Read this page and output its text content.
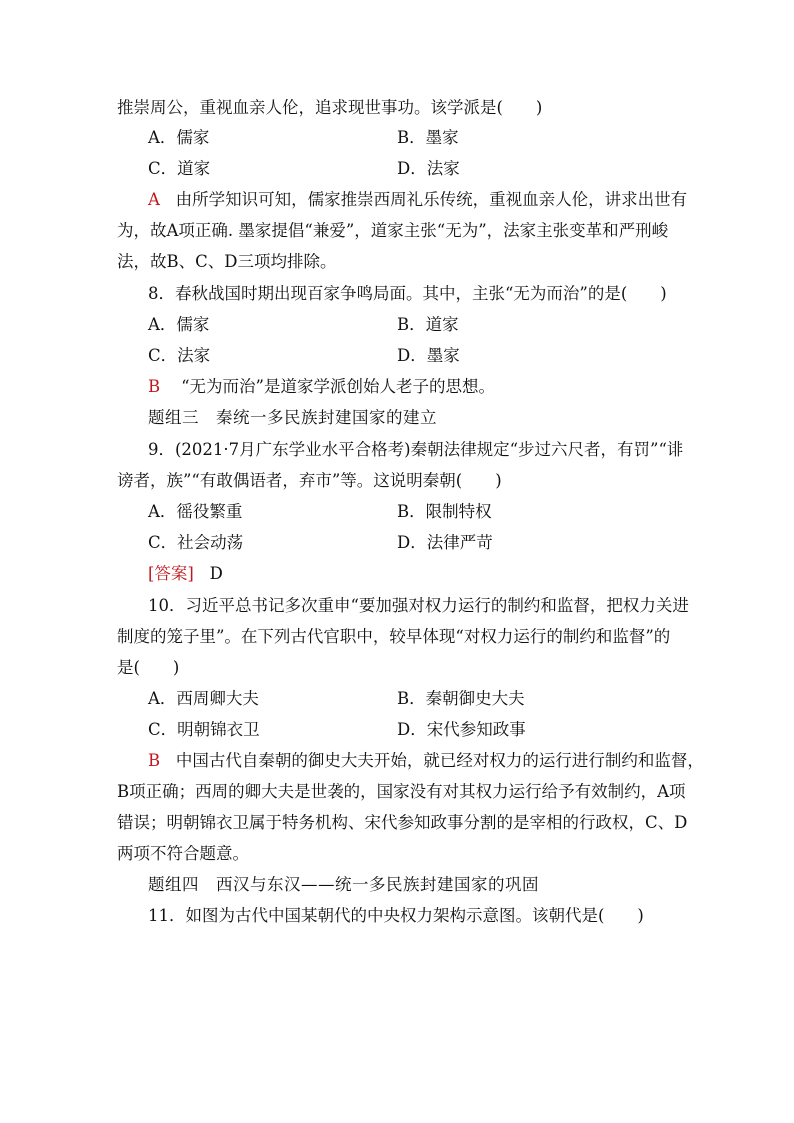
推崇周公，重视血亲人伦，追求现世事功。该学派是(　　)
A．儒家	B．墨家
C．道家	D．法家
A 由所学知识可知，儒家推崇西周礼乐传统，重视血亲人伦，讲求出世有
为，故A项正确. 墨家提倡“兼爱”，道家主张“无为”，法家主张变革和严刑峻
法，故B、C、D三项均排除。
8．春秋战国时期出现百家争鸣局面。其中，主张“无为而治”的是(　　)
A．儒家	B．道家
C．法家	D．墨家
B “无为而治”是道家学派创始人老子的思想。
题组三　秦统一多民族封建国家的建立
9．(2021·7月广东学业水平合格考)秦朝法律规定“步过六尺者，有罚”“诽
谤者，族”“有敢偶语者，弃市”等。这说明秦朝(　　)
A．徭役繁重	B．限制特权
C．社会动荡	D．法律严苛
[答案] D
10．习近平总书记多次重申“要加强对权力运行的制约和监督，把权力关进
制度的笼子里”。在下列古代官职中，较早体现“对权力运行的制约和监督”的
是(　　)
A．西周卿大夫	B．秦朝御史大夫
C．明朝锦衣卫	D．宋代参知政事
B 中国古代自秦朝的御史大夫开始，就已经对权力的运行进行制约和监督，
B项正确；西周的卿大夫是世袭的，国家没有对其权力运行给予有效制约，A项
错误；明朝锦衣卫属于特务机构、宋代参知政事分割的是宰相的行政权，C、D
两项不符合题意。
题组四　西汉与东汉——统一多民族封建国家的巩固
11．如图为古代中国某朝代的中央权力架构示意图。该朝代是(　　)
